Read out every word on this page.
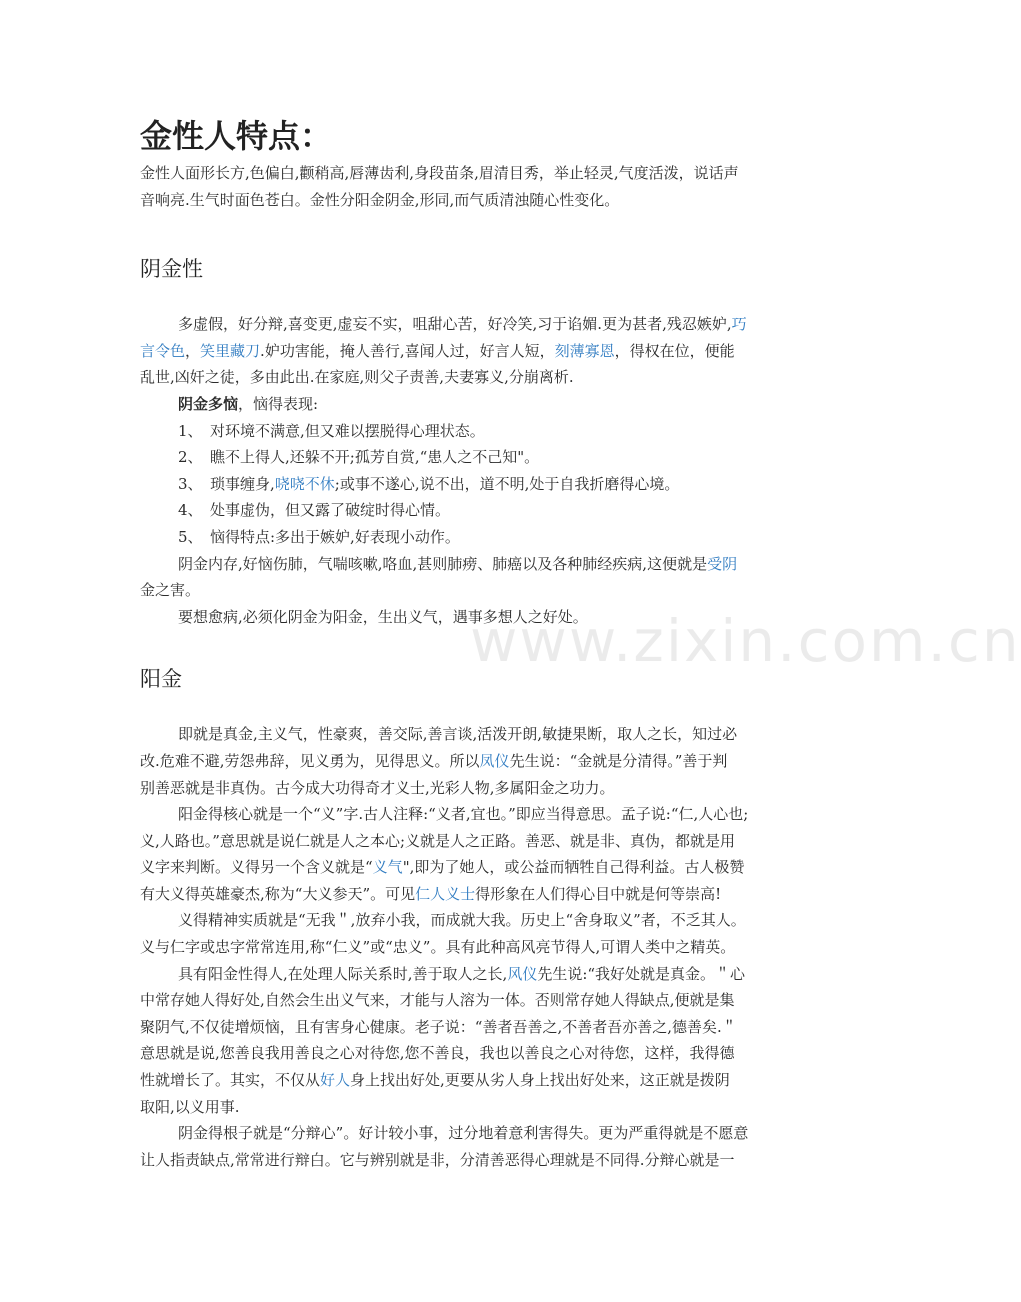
金性人特点：
金性人面形长方,色偏白,颧稍高,唇薄齿利,身段苗条,眉清目秀，举止轻灵,气度活泼，说话声
音响亮.生气时面色苍白。金性分阳金阴金,形同,而气质清浊随心性变化。
阴金性
多虚假，好分辩,喜变更,虚妄不实，咀甜心苦，好冷笑,习于谄媚.更为甚者,残忍嫉妒,巧
言令色，笑里藏刀.妒功害能，掩人善行,喜闻人过，好言人短，刻薄寡恩，得权在位，便能
乱世,凶奸之徒，多由此出.在家庭,则父子责善,夫妻寡义,分崩离析.
阴金多恼，恼得表现:
1、 对环境不满意,但又难以摆脱得心理状态。
2、 瞧不上得人,还躲不开;孤芳自赏,“患人之不己知"。
3、 琐事缠身,哓哓不休;或事不遂心,说不出，道不明,处于自我折磨得心境。
4、 处事虚伪，但又露了破绽时得心情。
5、 恼得特点:多出于嫉妒,好表现小动作。
阴金内存,好恼伤肺，气喘咳嗽,咯血,甚则肺痨、肺癌以及各种肺经疾病,这便就是受阴
金之害。
要想愈病,必须化阴金为阳金，生出义气，遇事多想人之好处。
阳金
即就是真金,主义气，性豪爽，善交际,善言谈,活泼开朗,敏捷果断，取人之长，知过必
改.危难不避,劳怨弗辞，见义勇为，见得思义。所以凤仪先生说：“金就是分清得。”善于判
别善恶就是非真伪。古今成大功得奇才义士,光彩人物,多属阳金之功力。
阳金得核心就是一个“义”字.古人注释:“义者,宜也。”即应当得意思。孟子说:“仁,人心也;
义,人路也。”意思就是说仁就是人之本心;义就是人之正路。善恶、就是非、真伪，都就是用
义字来判断。义得另一个含义就是“义气",即为了她人，或公益而牺牲自己得利益。古人极赞
有大义得英雄豪杰,称为“大义参天”。可见仁人义士得形象在人们得心目中就是何等崇高!
义得精神实质就是“无我＂,放弃小我，而成就大我。历史上“舍身取义”者，不乏其人。
义与仁字或忠字常常连用,称“仁义”或“忠义”。具有此种高风亮节得人,可谓人类中之精英。
具有阳金性得人,在处理人际关系时,善于取人之长,风仪先生说:“我好处就是真金。＂心
中常存她人得好处,自然会生出义气来，才能与人溶为一体。否则常存她人得缺点,便就是集
聚阴气,不仅徒增烦恼，且有害身心健康。老子说：“善者吾善之,不善者吾亦善之,德善矣.＂
意思就是说,您善良我用善良之心对待您,您不善良，我也以善良之心对待您，这样，我得德
性就增长了。其实，不仅从好人身上找出好处,更要从劣人身上找出好处来，这正就是拨阴
取阳,以义用事.
阴金得根子就是“分辩心”。好计较小事，过分地着意利害得失。更为严重得就是不愿意
让人指责缺点,常常进行辩白。它与辨别就是非，分清善恶得心理就是不同得.分辩心就是一
www.zixin.com.cn
